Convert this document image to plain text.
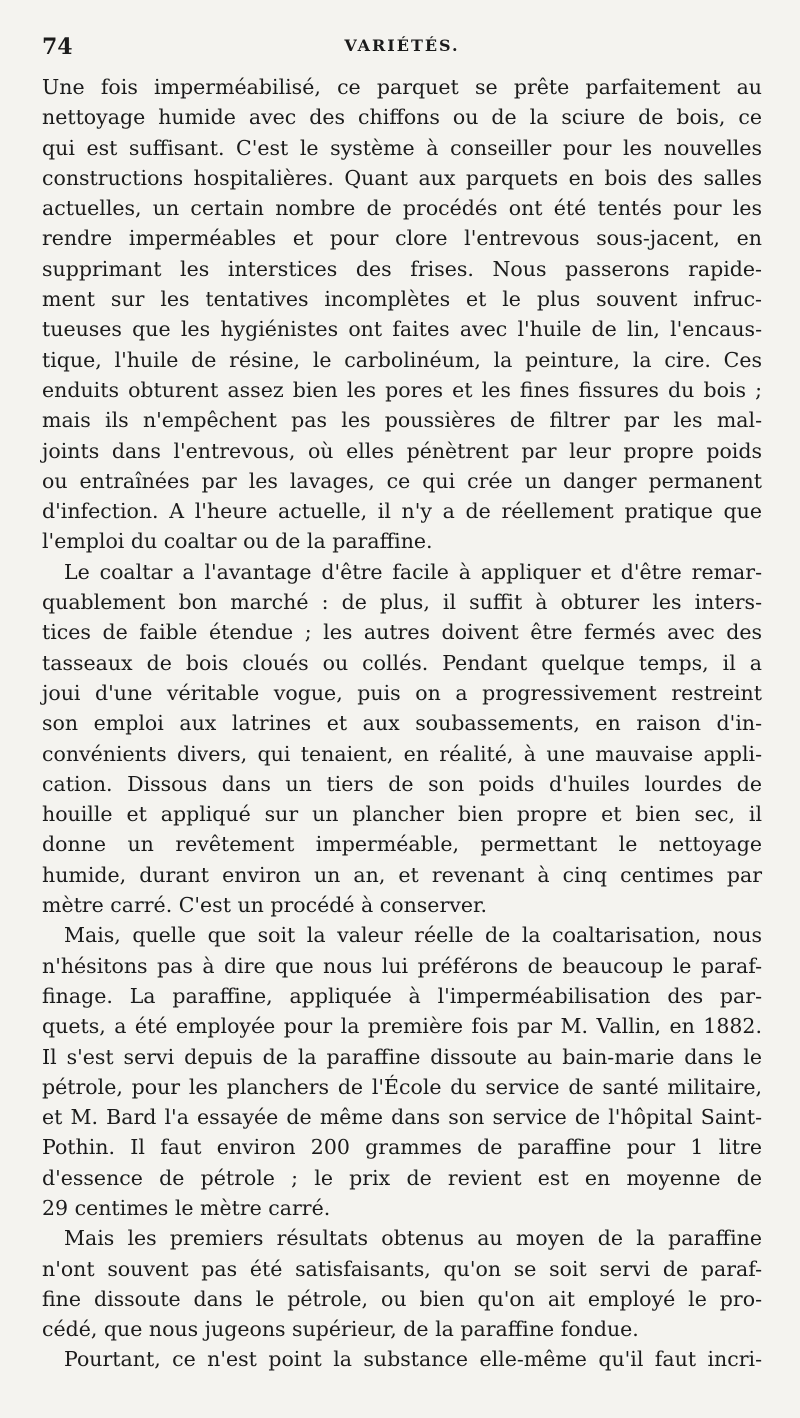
74	VARIÉTÉS.
Une fois imperméabilisé, ce parquet se prête parfaitement au
nettoyage humide avec des chiffons ou de la sciure de bois, ce
qui est suffisant. C'est le système à conseiller pour les nouvelles
constructions hospitalières. Quant aux parquets en bois des salles
actuelles, un certain nombre de procédés ont été tentés pour les
rendre imperméables et pour clore l'entrevous sous-jacent, en
supprimant les interstices des frises. Nous passerons rapide-
ment sur les tentatives incomplètes et le plus souvent infruc-
tueuses que les hygiénistes ont faites avec l'huile de lin, l'encaus-
tique, l'huile de résine, le carbolinéum, la peinture, la cire. Ces
enduits obturent assez bien les pores et les fines fissures du bois ;
mais ils n'empêchent pas les poussières de filtrer par les mal-
joints dans l'entrevous, où elles pénètrent par leur propre poids
ou entraînées par les lavages, ce qui crée un danger permanent
d'infection. A l'heure actuelle, il n'y a de réellement pratique que
l'emploi du coaltar ou de la paraffine.
Le coaltar a l'avantage d'être facile à appliquer et d'être remar-
quablement bon marché : de plus, il suffit à obturer les inters-
tices de faible étendue ; les autres doivent être fermés avec des
tasseaux de bois cloués ou collés. Pendant quelque temps, il a
joui d'une véritable vogue, puis on a progressivement restreint
son emploi aux latrines et aux soubassements, en raison d'in-
convénients divers, qui tenaient, en réalité, à une mauvaise appli-
cation. Dissous dans un tiers de son poids d'huiles lourdes de
houille et appliqué sur un plancher bien propre et bien sec, il
donne un revêtement imperméable, permettant le nettoyage
humide, durant environ un an, et revenant à cinq centimes par
mètre carré. C'est un procédé à conserver.
Mais, quelle que soit la valeur réelle de la coaltarisation, nous
n'hésitons pas à dire que nous lui préférons de beaucoup le paraf-
finage. La paraffine, appliquée à l'imperméabilisation des par-
quets, a été employée pour la première fois par M. Vallin, en 1882.
Il s'est servi depuis de la paraffine dissoute au bain-marie dans le
pétrole, pour les planchers de l'École du service de santé militaire,
et M. Bard l'a essayée de même dans son service de l'hôpital Saint-
Pothin. Il faut environ 200 grammes de paraffine pour 1 litre
d'essence de pétrole ; le prix de revient est en moyenne de
29 centimes le mètre carré.
Mais les premiers résultats obtenus au moyen de la paraffine
n'ont souvent pas été satisfaisants, qu'on se soit servi de paraf-
fine dissoute dans le pétrole, ou bien qu'on ait employé le pro-
cédé, que nous jugeons supérieur, de la paraffine fondue.
Pourtant, ce n'est point la substance elle-même qu'il faut incri-
